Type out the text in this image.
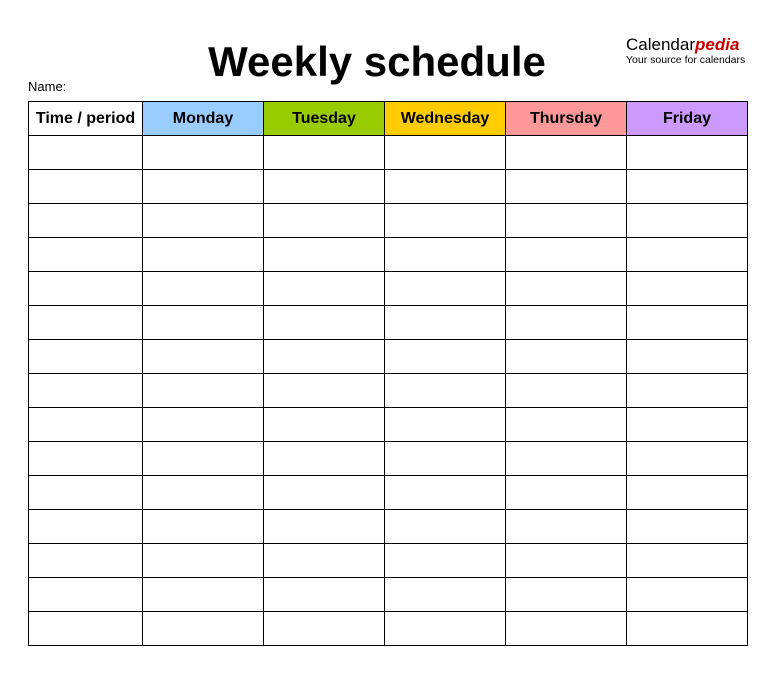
Weekly schedule
Name:
Calendarpedia
Your source for calendars
Time / period	Monday	Tuesday	Wednesday	Thursday	Friday
